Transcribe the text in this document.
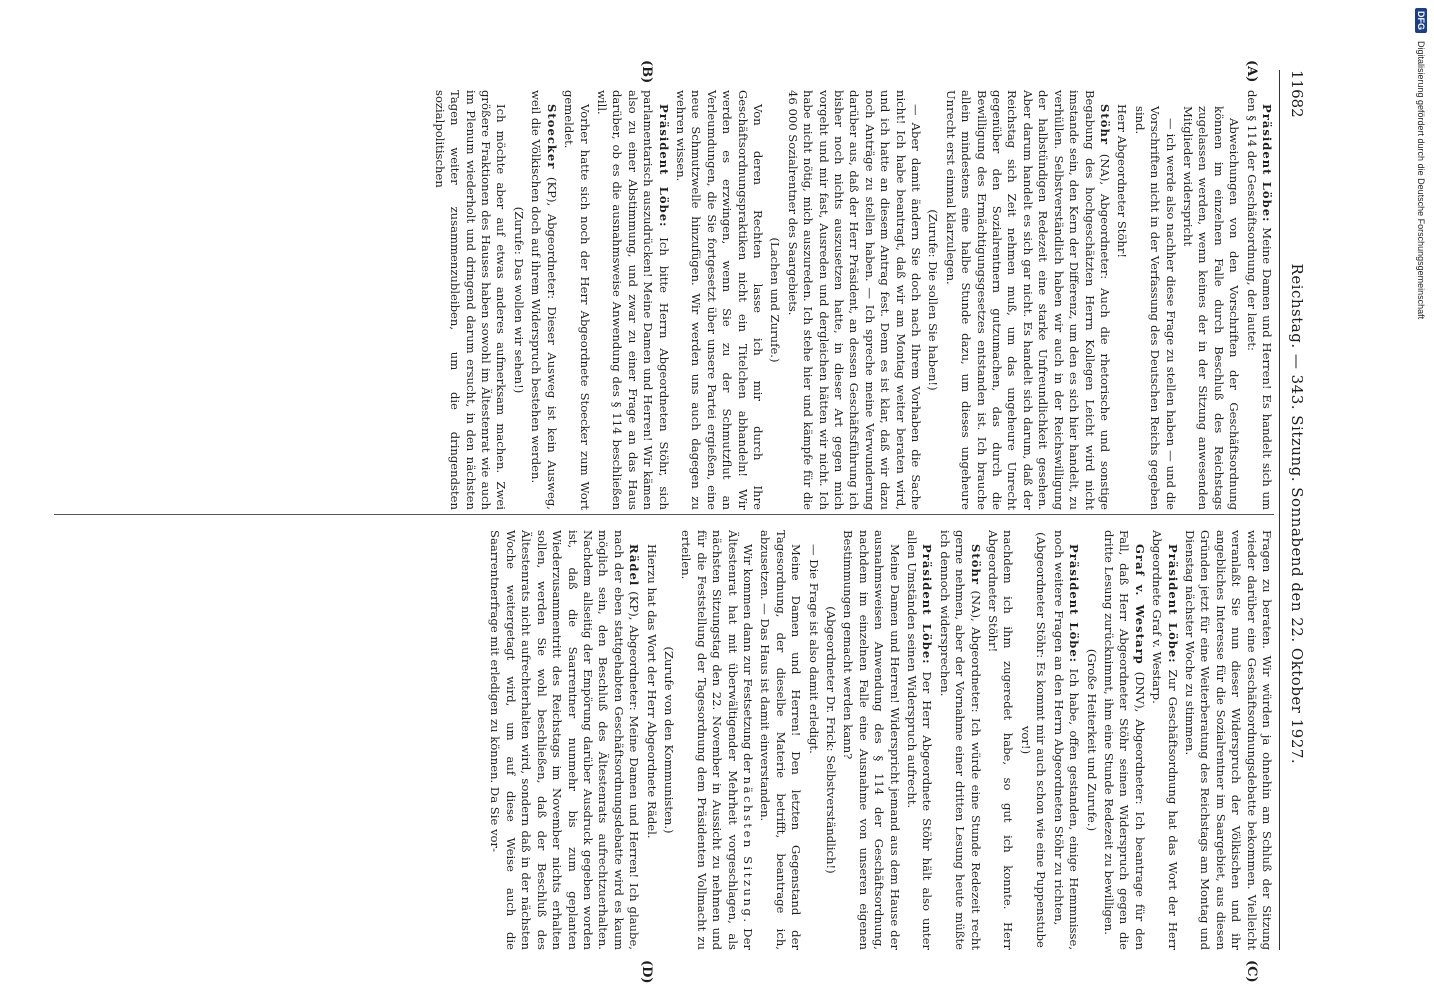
DFG
Digitalisierung gefördert durch die Deutsche Forschungsgemeinschaft
11682
Reichstag. — 343. Sitzung. Sonnabend den 22. Oktober 1927.
(A)
(B)
(C)
(D)

Präsident Löbe: Meine Damen und Herren! Es handelt sich um den § 114 der Geschäftsordnung, der lautet:

Abweichungen von den Vorschriften der Geschäftsordnung können im einzelnen Falle durch Beschluß des Reichstags zugelassen werden, wenn keines der in der Sitzung anwesenden Mitglieder widerspricht

— ich werde also nachher diese Frage zu stellen haben — und die Vorschriften nicht in der Verfassung des Deutschen Reichs gegeben sind.

Herr Abgeordneter Stöhr!

Stöhr (NA), Abgeordneter: Auch die rhetorische und sonstige Begabung des hochgeschätzten Herrn Kollegen Leicht wird nicht imstande sein, den Kern der Differenz, um den es sich hier handelt, zu verhüllen. Selbstverständlich haben wir auch in der Reichswilligung der halbstündigen Redezeit eine starke Unfreundlichkeit gesehen. Aber darum handelt es sich gar nicht. Es handelt sich darum, daß der Reichstag sich Zeit nehmen muß, um das ungeheure Unrecht gegenüber den Sozialrentnern gutzumachen, das durch die Bewilligung des Ermächtigungsgesetzes entstanden ist. Ich brauche allein mindestens eine halbe Stunde dazu, um dieses ungeheure Unrecht erst einmal klarzulegen.

(Zurufe: Die sollen Sie haben!)

— Aber damit ändern Sie doch nach Ihrem Vorhaben die Sache nicht! Ich habe beantragt, daß wir am Montag weiter beraten wird, und ich hatte an diesem Antrag fest. Denn es ist klar, daß wir dazu noch Anträge zu stellen haben. — Ich spreche meine Verwunderung darüber aus, daß der Herr Präsident, an dessen Geschäftsführung ich bisher noch nichts auszusetzen hatte, in dieser Art gegen mich vorgeht und mir fast, Ausreden und dergleichen hätten wir nicht. Ich habe nicht nötig, mich auszureden. Ich stehe hier und kämpfe für die 46 000 Sozialrentner des Saargebiets.

(Lachen und Zurufe.)

Von deren Rechten lasse ich mir durch Ihre Geschäftsordnungspraktiken nicht ein Titelchen abhandeln! Wir werden es erzwingen, wenn Sie zu der Schmutzflut an Verleumdungen, die Sie fortgesetzt über unsere Partei ergießen, eine neue Schmutzwelle hinzufügen. Wir werden uns auch dagegen zu wehren wissen.

Präsident Löbe: Ich bitte Herrn Abgeordneten Stöhr, sich parlamentarisch auszudrücken! Meine Damen und Herren! Wir kämen also zu einer Abstimmung, und zwar zu einer Frage an das Haus darüber, ob es die ausnahmsweise Anwendung des § 114 beschließen will.

Vorher hatte sich noch der Herr Abgeordnete Stoecker zum Wort gemeldet.

Stoecker (KP), Abgeordneter: Dieser Ausweg ist kein Ausweg, weil die Völkischen doch auf ihrem Widerspruch bestehen werden.

(Zurufe: Das wollen wir sehen!)

Ich möchte aber auf etwas anderes aufmerksam machen. Zwei größere Fraktionen des Hauses haben sowohl im Ältestenrat wie auch im Plenum wiederholt und dringend darum ersucht, in den nächsten Tagen weiter zusammenzubleiben, um die dringendsten sozialpolitischen

Fragen zu beraten. Wir würden ja ohnehin am Schluß der Sitzung wieder darüber eine Geschäftsordnungsdebatte bekommen. Vielleicht veranlaßt Sie nun dieser Widerspruch der Völkischen und ihr angebliches Interesse für die Sozialrentner im Saargebiet, aus diesen Gründen jetzt für eine Weiterberatung des Reichstags am Montag und Dienstag nächster Woche zu stimmen.

Präsident Löbe: Zur Geschäftsordnung hat das Wort der Herr Abgeordnete Graf v. Westarp.

Graf v. Westarp (DNV), Abgeordneter: Ich beantrage für den Fall, daß Herr Abgeordneter Stöhr seinen Widerspruch gegen die dritte Lesung zurücknimmt, ihm eine Stunde Redezeit zu bewilligen.

(Große Heiterkeit und Zurufe.)

Präsident Löbe: Ich habe, offen gestanden, einige Hemmnisse, noch weitere Fragen an den Herrn Abgeordneten Stöhr zu richten,

(Abgeordneter Stöhr: Es kommt mir auch schon wie eine Puppenstube vor!)

nachdem ich ihm zugeredet habe, so gut ich konnte. Herr Abgeordneter Stöhr!

Stöhr (NA), Abgeordneter: Ich würde eine Stunde Redezeit recht gerne nehmen, aber der Vornahme einer dritten Lesung heute müßte ich dennoch widersprechen.

Präsident Löbe: Der Herr Abgeordnete Stöhr hält also unter allen Umständen seinen Widerspruch aufrecht.

Meine Damen und Herren! Widerspricht jemand aus dem Hause der ausnahmsweisen Anwendung des § 114 der Geschäftsordnung, nachdem im einzelnen Falle eine Ausnahme von unseren eigenen Bestimmungen gemacht werden kann?

(Abgeordneter Dr. Frick: Selbstverständlich!)

— Die Frage ist also damit erledigt.

Meine Damen und Herren! Den letzten Gegenstand der Tagesordnung, der dieselbe Materie betrifft, beantrage ich, abzusetzen. — Das Haus ist damit einverstanden.

Wir kommen dann zur Festsetzung der nächsten Sitzung. Der Ältestenrat hat mit überwältigender Mehrheit vorgeschlagen, als nächsten Sitzungstag den 22. November in Aussicht zu nehmen und für die Feststellung der Tagesordnung dem Präsidenten Vollmacht zu erteilen.

(Zurufe von den Kommunisten.)

Hierzu hat das Wort der Herr Abgeordnete Rädel.

Rädel (KP), Abgeordneter: Meine Damen und Herren! Ich glaube, nach der eben stattgehabten Geschäftsordnungsdebatte wird es kaum möglich sein, den Beschluß des Ältestenrats aufrechtzuerhalten. Nachdem allseitig der Empörung darüber Ausdruck gegeben worden ist, daß die Saarrentner nunmehr bis zum geplanten Wiederzusammentritt des Reichstags im November nichts erhalten sollen, werden Sie wohl beschließen, daß der Beschluß des Ältestenrats nicht aufrechterhalten wird, sondern daß in der nächsten Woche weitergetagt wird, um auf diese Weise auch die Saarrentnerfrage mit erledigen zu können. Da Sie vor-
